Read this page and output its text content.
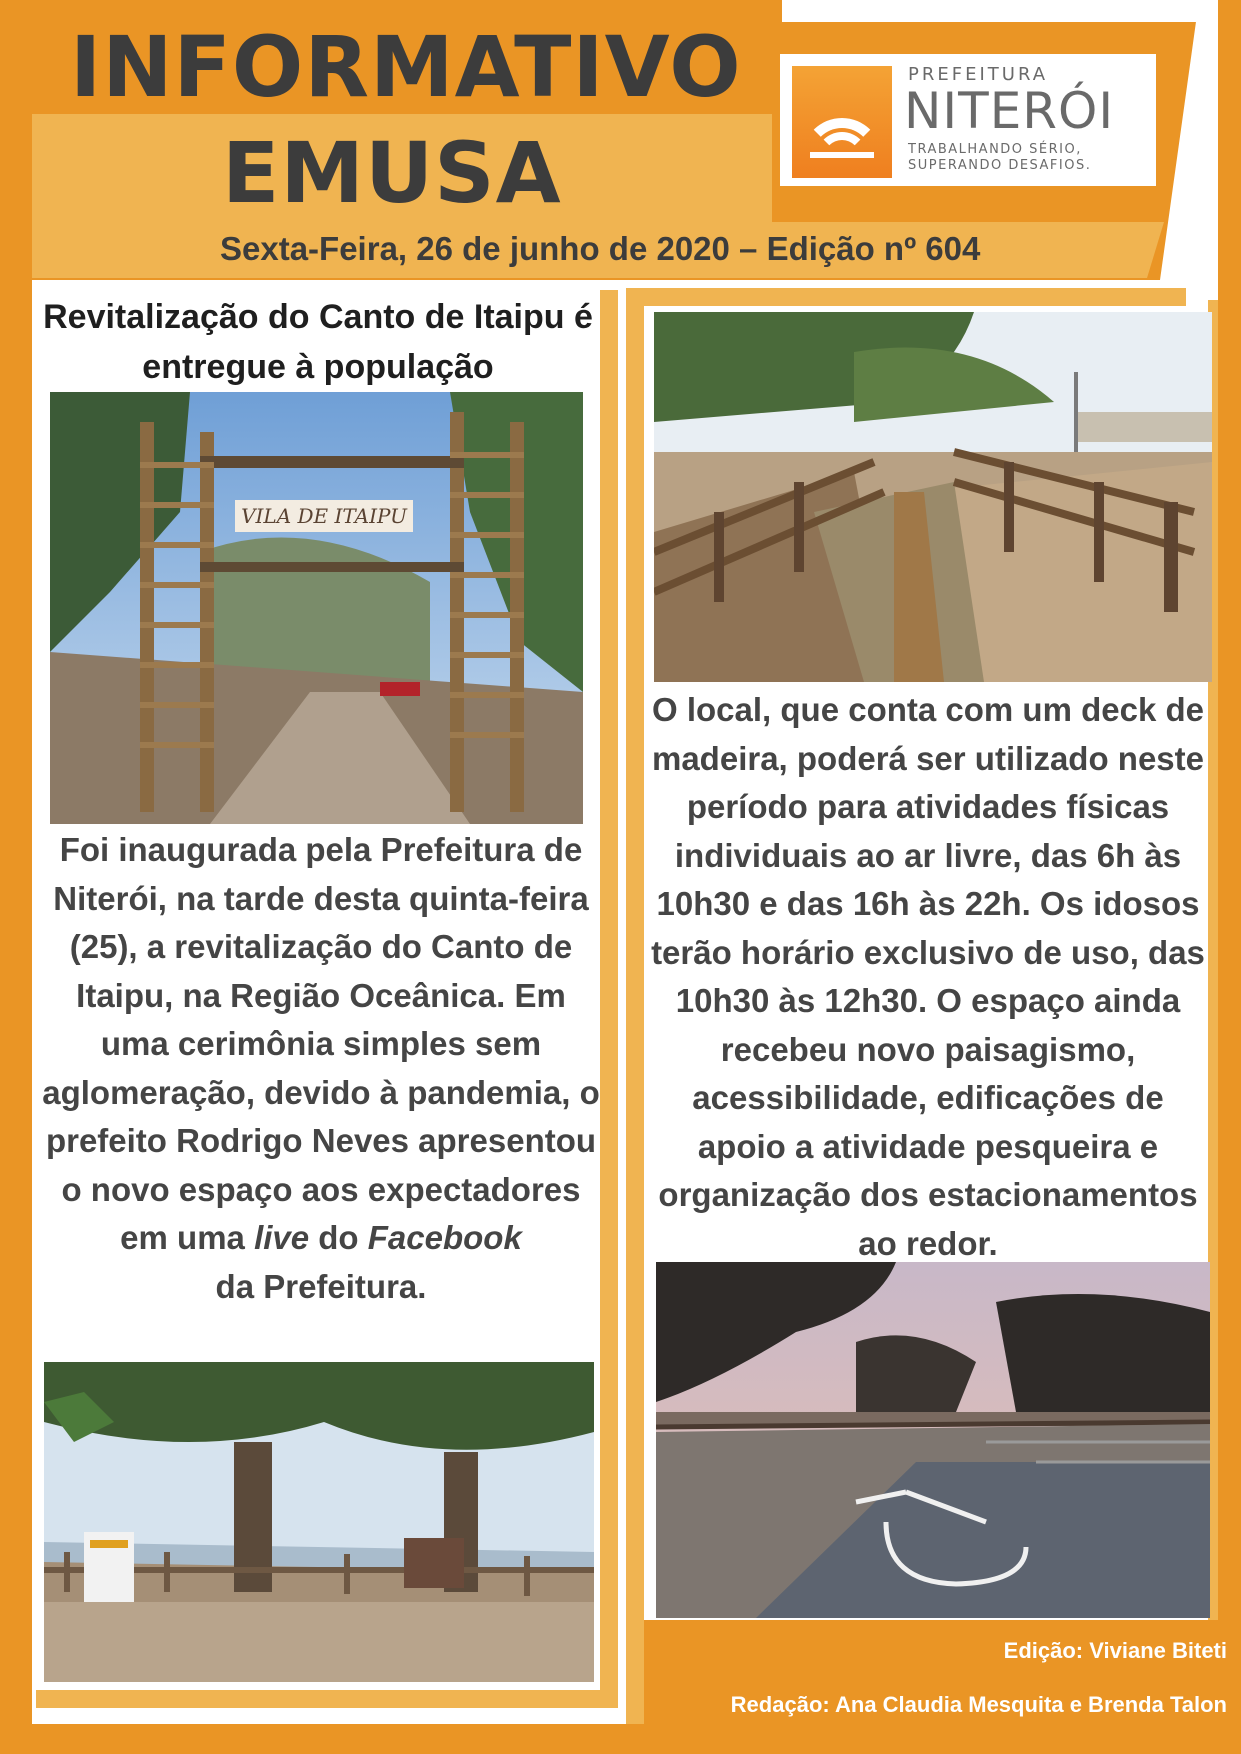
INFORMATIVO
EMUSA
PREFEITURA
NITERÓI
TRABALHANDO SÉRIO,
SUPERANDO DESAFIOS.
Sexta-Feira, 26 de junho de 2020 – Edição nº 604
Revitalização do Canto de Itaipu é entregue à população
VILA DE ITAIPU

Foi inaugurada pela Prefeitura de Niterói, na tarde desta quinta-feira (25), a revitalização do Canto de Itaipu, na Região Oceânica. Em uma cerimônia simples sem aglomeração, devido à pandemia, o prefeito Rodrigo Neves apresentou o novo espaço aos expectadores em uma live do Facebook
da Prefeitura.

O local, que conta com um deck de madeira, poderá ser utilizado neste período para atividades físicas individuais ao ar livre, das 6h às 10h30 e das 16h às 22h. Os idosos terão horário exclusivo de uso, das 10h30 às 12h30. O espaço ainda recebeu novo paisagismo, acessibilidade, edificações de apoio a atividade pesqueira e organização dos estacionamentos ao redor.

Edição: Viviane Biteti
Redação: Ana Claudia Mesquita e Brenda Talon
